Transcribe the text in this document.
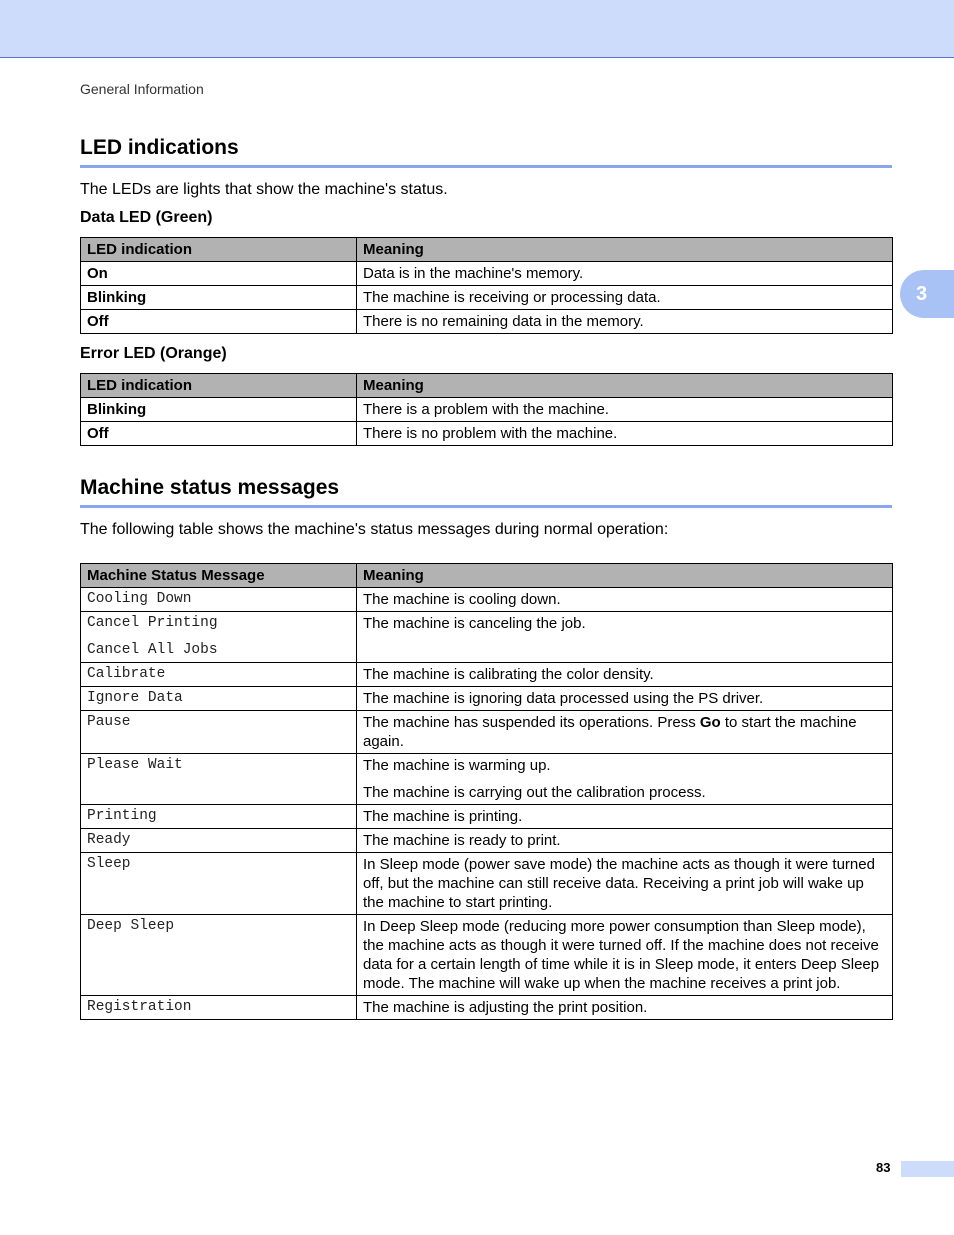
General Information
3
LED indications

The LEDs are lights that show the machine's status.

Data LED (Green)

LED indication	Meaning
On	Data is in the machine's memory.
Blinking	The machine is receiving or processing data.
Off	There is no remaining data in the memory.

Error LED (Orange)

LED indication	Meaning
Blinking	There is a problem with the machine.
Off	There is no problem with the machine.
Machine status messages

The following table shows the machine's status messages during normal operation:

Machine Status Message	Meaning

Cooling Down	The machine is cooling down.

Cancel Printing
Cancel All Jobs	The machine is canceling the job.

Calibrate	The machine is calibrating the color density.

Ignore Data	The machine is ignoring data processed using the PS driver.

Pause	The machine has suspended its operations. Press Go to start the machine again.

Please Wait	The machine is warming up.
The machine is carrying out the calibration process.

Printing	The machine is printing.

Ready	The machine is ready to print.

Sleep	In Sleep mode (power save mode) the machine acts as though it were turned off, but the machine can still receive data. Receiving a print job will wake up the machine to start printing.

Deep Sleep	In Deep Sleep mode (reducing more power consumption than Sleep mode), the machine acts as though it were turned off. If the machine does not receive data for a certain length of time while it is in Sleep mode, it enters Deep Sleep mode. The machine will wake up when the machine receives a print job.

Registration	The machine is adjusting the print position.
83
